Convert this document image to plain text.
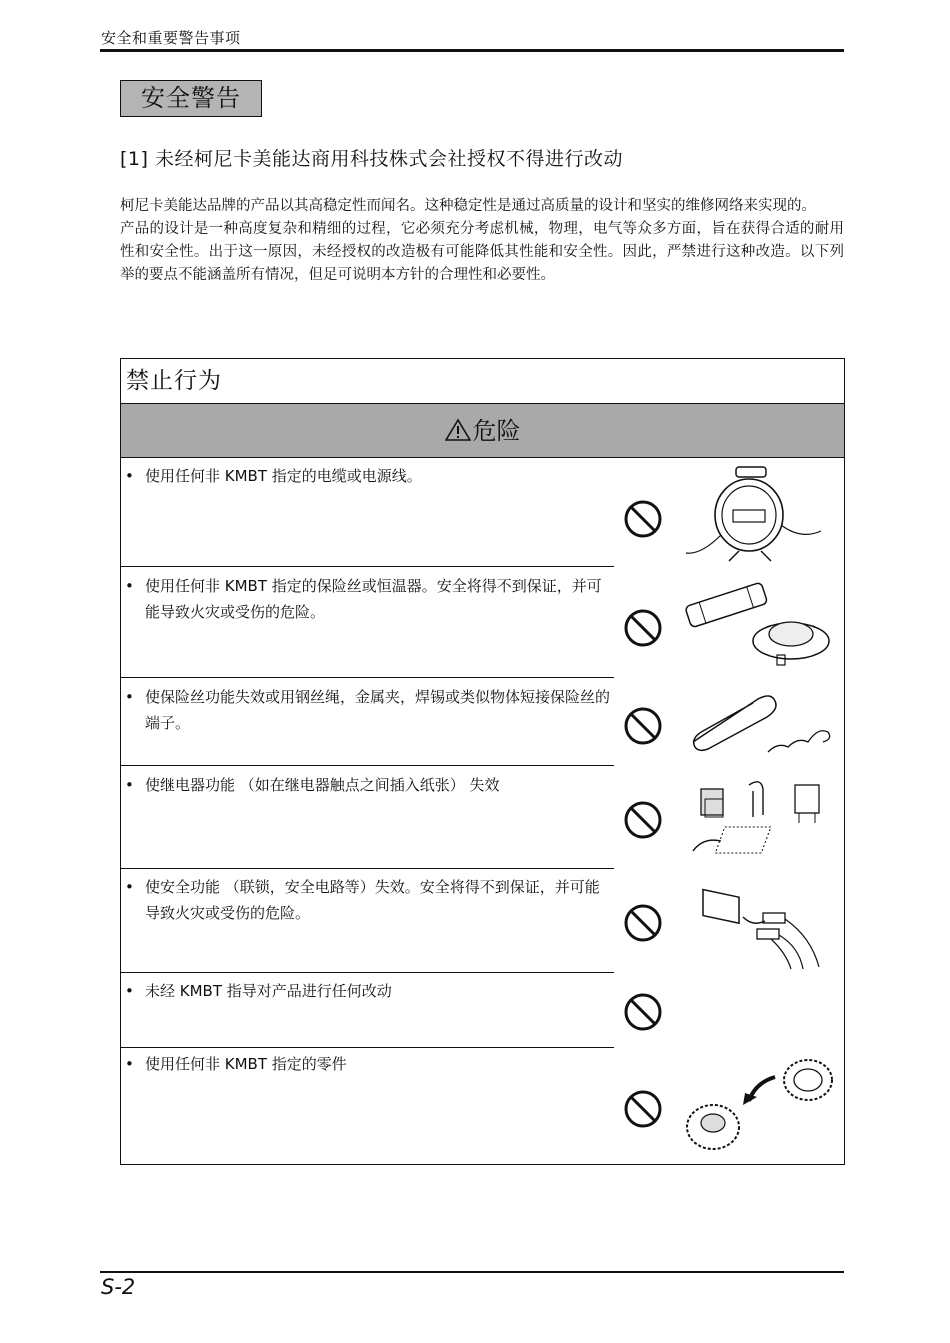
安全和重要警告事项
安全警告
[1] 未经柯尼卡美能达商用科技株式会社授权不得进行改动

柯尼卡美能达品牌的产品以其高稳定性而闻名。这种稳定性是通过高质量的设计和坚实的维修网络来实现的。

产品的设计是一种高度复杂和精细的过程，它必须充分考虑机械，物理，电气等众多方面，旨在获得合适的耐用性和安全性。出于这一原因，未经授权的改造极有可能降低其性能和安全性。因此，严禁进行这种改造。以下列举的要点不能涵盖所有情况，但足可说明本方针的合理性和必要性。

禁止行为
危险
• 使用任何非 KMBT 指定的电缆或电源线。
• 使用任何非 KMBT 指定的保险丝或恒温器。安全将得不到保证，并可能导致火灾或受伤的危险。
• 使保险丝功能失效或用钢丝绳，金属夹，焊锡或类似物体短接保险丝的端子。
• 使继电器功能 （如在继电器触点之间插入纸张） 失效
• 使安全功能 （联锁，安全电路等）失效。安全将得不到保证，并可能导致火灾或受伤的危险。
• 未经 KMBT 指导对产品进行任何改动
• 使用任何非 KMBT 指定的零件
S-2
